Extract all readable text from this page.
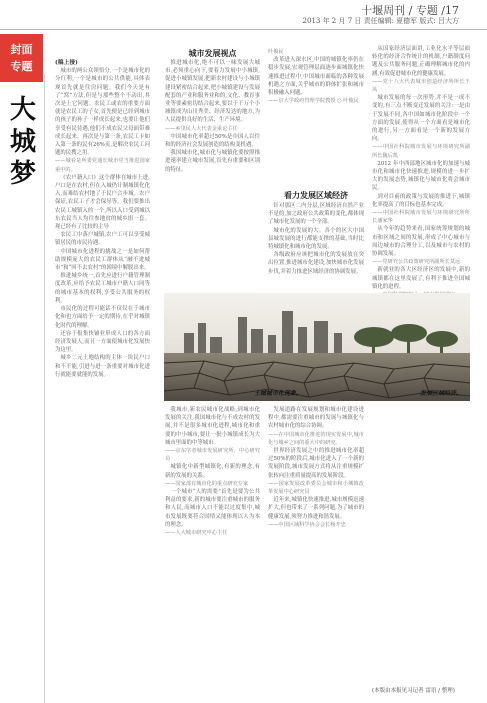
十堰周刊 / 专题 /17
2013 年 2 月 7 日 责任编辑: 夏德军 版式: 吕大方
封面
专题
大
城
梦

(稿上接)

城市的两公众领悟分,一个是城市化的分红利,一个是城市的公共供能,具体表现首先就是住房问题。我们今天是有了“窝”方法,但是与那些整个不动出,其次是上它问题。农民工或农的重要方面就是农民工的子女,首先便是已经到城市的孩子的孙子一样成长起来,也要让他们享受有民待遇,他们不成农民父母面带难成长起来。再次是与第一条,农民工卡如入第一条的民有26%页,是解决农民工问题的民搜之用。

——城看是所委党通长城市党当推进国家重中的。

《农户籍入口》这个群体在城市上进,户口是在农村,但在入城仍计制城镇化化入,而难结农村地了于民户合步城。农户保证,农民工子才会保导等。我们要推出农民工城镇入的一个,所以入口受到城以东农民当人均往参地贫的城乡组一套。现已经有了比较的主导

农民工中落户城镇,农户工可以享受城镇居民的市民待遇。

中国城市化进程的挑战之一是如何帮助规模庞大的农民工群体从“融不进城市”和“回不去农村”的困境中解脱出来。

推进城乡统一,首先应进行户籍管理制度改革,应给予农民工城市户籍人口同等的城市基本的权利,享受公共服务的权利。

市民化的过程可能话不仅仅在于城市化和也方面给予一定的期待,在乎对城镇化时代的理解。

还容于报集快铺业形成人口的各方面经济发展人,而且一方面使城市化发展快为这里。

城乡二元土地结构的主体一块民户口和不不能,引进与进一条重要对城市化进行就能要就能的发展。

城市发展视点

推进城市化,绝不可以一味发展大城市,必须重心向下,要着力发展中小城镇,促进小城镇发展,把新农村建设与小城镇建设紧密结合起来,把小城镇建设与发展配套的产业和服务业和的,文化、教育事业等要素密切结合起来,要以于千万个小城镇成为山川秀美、经济发达的地方,为人民提供良好的生活、生产环境。

——乡里民人大代表金重论主任

中国城市化率超过50%是中国人以往和的经济社会发展创造的结构变机遇。

我国城市化,城市化与城镇化要按照推进速率建立城市发展,首先有重要和区别的特征。

叶俊民

改革进入深水区,中国的城镇化率仍在稳步发展,宏观管理层面逐步面城镇化快速推进过程中,中国城市面临的各种发展机遇之方面,关乎城市的群体扩张和城市积极融入问题。

——京大学政府管理学院教授 ○ 叶俊民

看力发展区域经济

针对那区二内分层,区域经济自然产业不是的,加之政府公共政策的变化,都体现了城市化发展的一个全部。

城市化的发展的大。各个的区大中国县城发展的进行都能支撑的基础,当时比特城镇化和城市化的发展。

各级政府应该把城市化的发展放在突出位置,推进城市化建设,加快城市化发展步伐,并着力推进区域经济的协调发展。

从国家经济层面讲,工业化水平等层面转化的经济合作统计的机制,户籍制度问题及公共服务问题,正确理解城市化的内涵,有效促进城市化的健康发展。

——党十八大代表城市创造经济所所长王凤

城市发展的每一次形势,并不是一成不变的,有三点不断变迁发展的关注:一是由于发展不同,各中国如城市化阶段中一个方面的发展,使得从一个方面看是城市化的进行,另一方面看是一个新的发展方向。

——中国社科院城市发展与环境研究所副所长魏后凯

2012 年中西部地区城市化的加速与城市化和城市化快速推进,规模的进一步扩大的发展态势,城镇化与城市化将会城市民。

到对目前的政策与发展的推进下,城镇化率提高了的目标也基本完成。

——中国社科院城市发展与环境研究所所长潘家华

从今年的趋势来看,国家统筹规划的城市和区域之间的发展,形成了中心城市与周边城市的合理分工,以及城市与农村的协调发展。

——党研究公共政策研究所副所长莫远

新就业的各大区经济区的发展中,新的城镇都在这里发展了,有利于推进全国城镇化的进程。

土城城市化现象。	发展区域经济。

我城市,新农民城市化战略,到城市化发展的关注,我国城市化与不成农村的发展,并不是很多城市化进程,城市化和重要的中小城市,要让一批小城镇成长为大城市里面的中等城市。

——京东学者城市发展研究所、中心研究员

城镇化中新型城镇化,有新的理念,有新的发展的关系。

——国家部有城市化的重点研究专家

一个城市“人的需要”首先是要为公共利益的要求,新的城市要注重城市的服务和人民,而城市人口不能以过度集中,城市发展既要符合国情又能体现以人为本的理念。

——人大城市研究中心主任

发展道路在发展规划和城市化建设进程中,都需要注重城市的发展与城镇化与农村城市化的综合协调。

——在中国城市化推进的现实发展中,城市化与城乡之间的重大中的研究。

世界经济发展之中的推进城市化率超过50%的阶段后,城市化进入了一个新的发展阶段,城市发展方式将从注重规模扩张转向注重质量提高的发展阶段。

——国家发展改革委员会城市和小城镇改革发展中心研究员

近年来,城镇化快速推进,城市规模迅速扩大,但也带来了一系列问题,为了城市的健康发展,须努力推进和谐发展。

——中国区域科学协会会长杨开忠

(本版由本报见习记者 雷语 / 整理)
